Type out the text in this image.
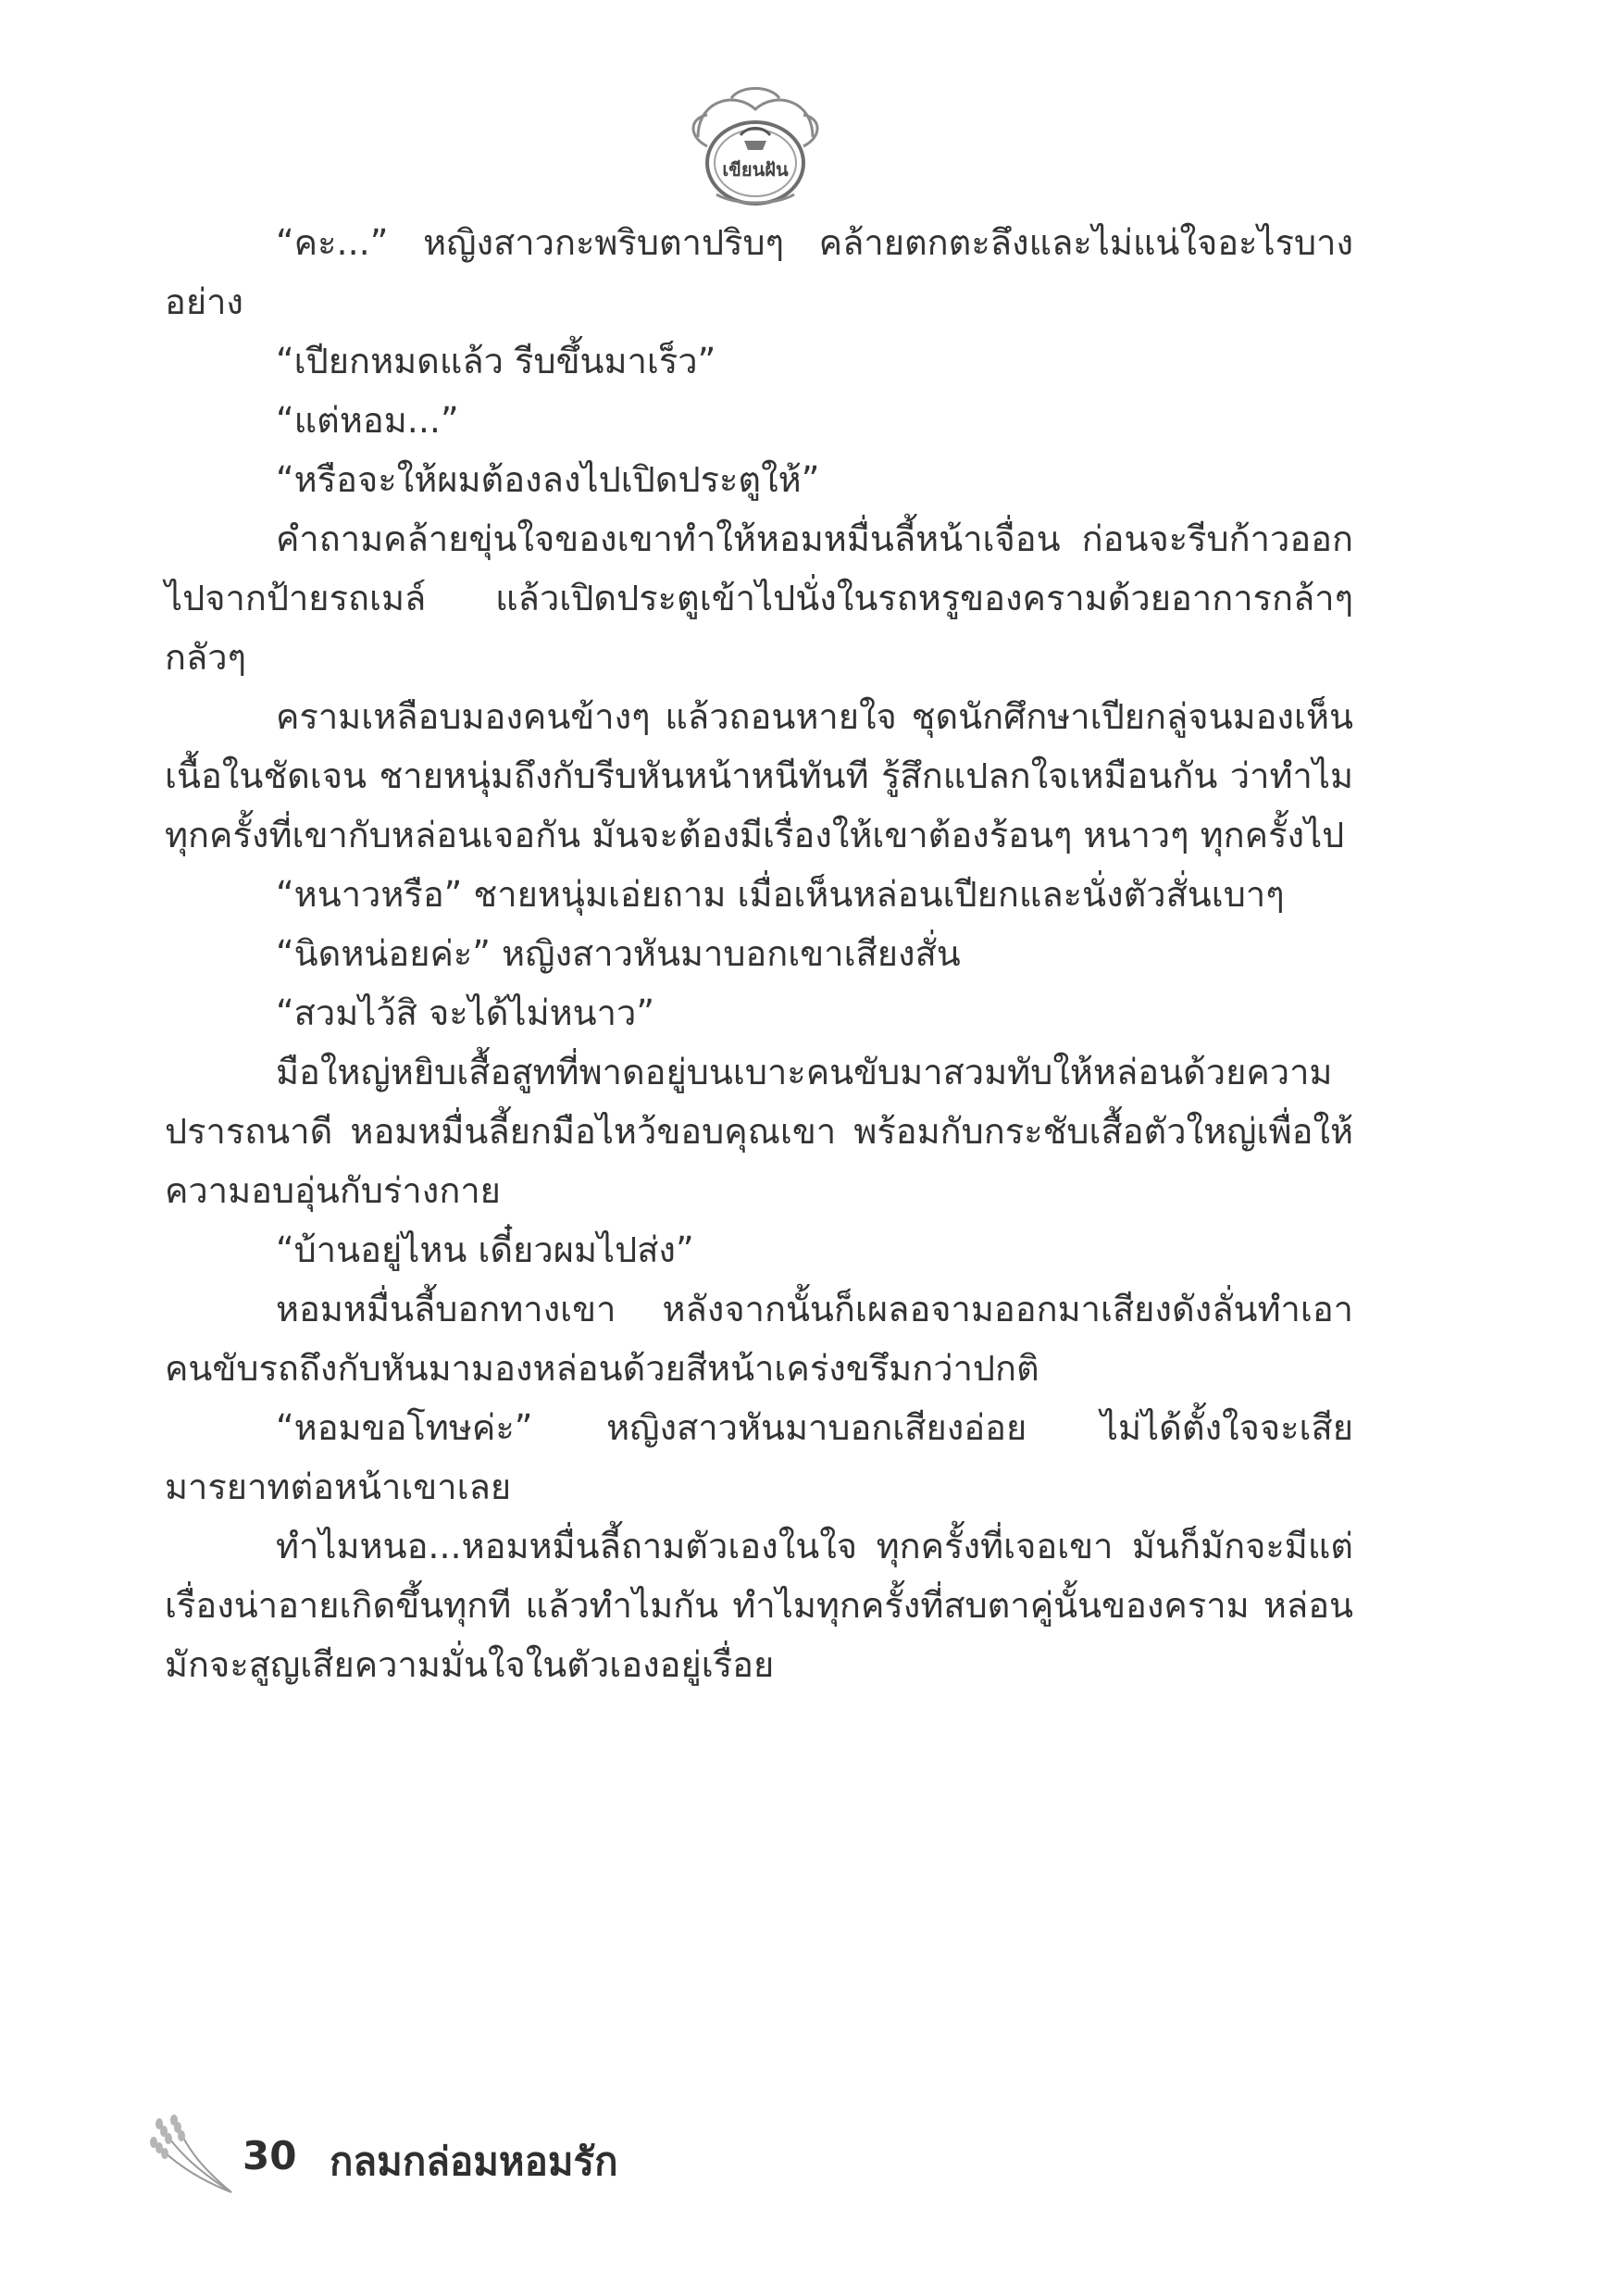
เขียนฝัน

“คะ...” หญิงสาวกะพริบตาปริบๆ คล้ายตกตะลึงและไม่แน่ใจอะไรบางอย่าง

“เปียกหมดแล้ว รีบขึ้นมาเร็ว”

“แต่หอม...”

“หรือจะให้ผมต้องลงไปเปิดประตูให้”

คำถามคล้ายขุ่นใจของเขาทำให้หอมหมื่นลี้หน้าเจื่อน ก่อนจะรีบก้าวออกไปจากป้ายรถเมล์ แล้วเปิดประตูเข้าไปนั่งในรถหรูของครามด้วยอาการกล้าๆ กลัวๆ

ครามเหลือบมองคนข้างๆ แล้วถอนหายใจ ชุดนักศึกษาเปียกลู่จนมองเห็นเนื้อในชัดเจน ชายหนุ่มถึงกับรีบหันหน้าหนีทันที รู้สึกแปลกใจเหมือนกัน ว่าทำไมทุกครั้งที่เขากับหล่อนเจอกัน มันจะต้องมีเรื่องให้เขาต้องร้อนๆ หนาวๆ ทุกครั้งไป

“หนาวหรือ” ชายหนุ่มเอ่ยถาม เมื่อเห็นหล่อนเปียกและนั่งตัวสั่นเบาๆ

“นิดหน่อยค่ะ” หญิงสาวหันมาบอกเขาเสียงสั่น

“สวมไว้สิ จะได้ไม่หนาว”

มือใหญ่หยิบเสื้อสูทที่พาดอยู่บนเบาะคนขับมาสวมทับให้หล่อนด้วยความปรารถนาดี หอมหมื่นลี้ยกมือไหว้ขอบคุณเขา พร้อมกับกระชับเสื้อตัวใหญ่เพื่อให้ความอบอุ่นกับร่างกาย

“บ้านอยู่ไหน เดี๋ยวผมไปส่ง”

หอมหมื่นลี้บอกทางเขา หลังจากนั้นก็เผลอจามออกมาเสียงดังลั่นทำเอาคนขับรถถึงกับหันมามองหล่อนด้วยสีหน้าเคร่งขรึมกว่าปกติ

“หอมขอโทษค่ะ” หญิงสาวหันมาบอกเสียงอ่อย ไม่ได้ตั้งใจจะเสียมารยาทต่อหน้าเขาเลย

ทำไมหนอ...หอมหมื่นลี้ถามตัวเองในใจ ทุกครั้งที่เจอเขา มันก็มักจะมีแต่เรื่องน่าอายเกิดขึ้นทุกที แล้วทำไมกัน ทำไมทุกครั้งที่สบตาคู่นั้นของคราม หล่อนมักจะสูญเสียความมั่นใจในตัวเองอยู่เรื่อย

30 กลมกล่อมหอมรัก
